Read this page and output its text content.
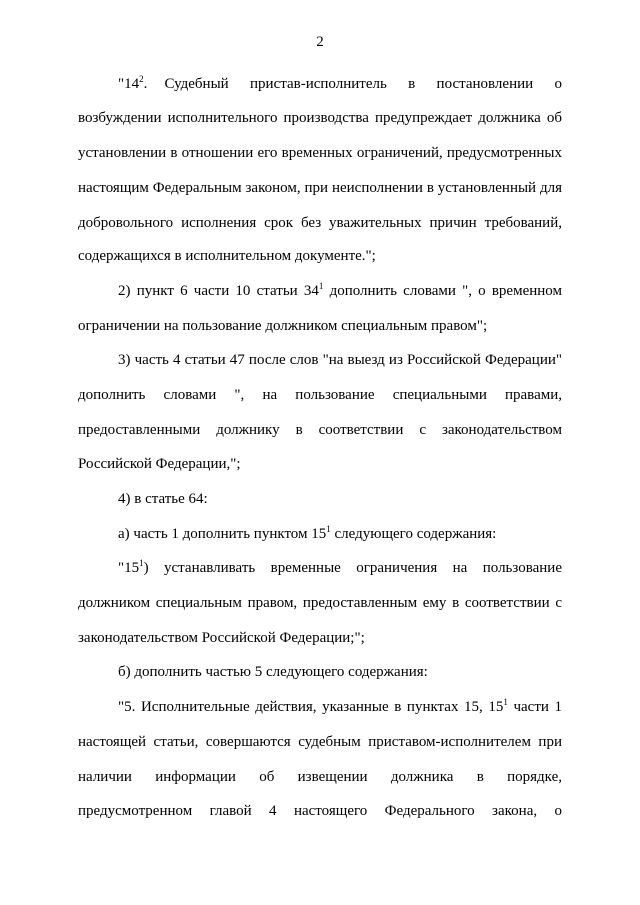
2
"$14^2$.    Судебный     пристав-исполнитель     в     постановлении     о
возбуждении исполнительного производства предупреждает должника об
установлении в отношении его временных ограничений, предусмотренных
настоящим Федеральным законом, при неисполнении в установленный для
добровольного исполнения срок без уважительных причин требований,
содержащихся в исполнительном документе.";
2) пункт 6 части 10 статьи $34^1$ дополнить словами ", о временном
ограничении на пользование должником специальным правом";
3) часть 4 статьи 47 после слов "на выезд из Российской Федерации"
дополнить словами ", на пользование специальными правами,
предоставленными должнику в соответствии с законодательством
Российской Федерации,";
4) в статье 64:
а) часть 1 дополнить пунктом $15^1$ следующего содержания:
"$15^1$) устанавливать временные ограничения на пользование
должником специальным правом, предоставленным ему в соответствии с
законодательством Российской Федерации;";
б) дополнить частью 5 следующего содержания:
"5. Исполнительные действия, указанные в пунктах 15, $15^1$ части 1
настоящей статьи, совершаются судебным приставом-исполнителем при
наличии информации об извещении должника в порядке,
предусмотренном главой 4 настоящего Федерального закона, о
